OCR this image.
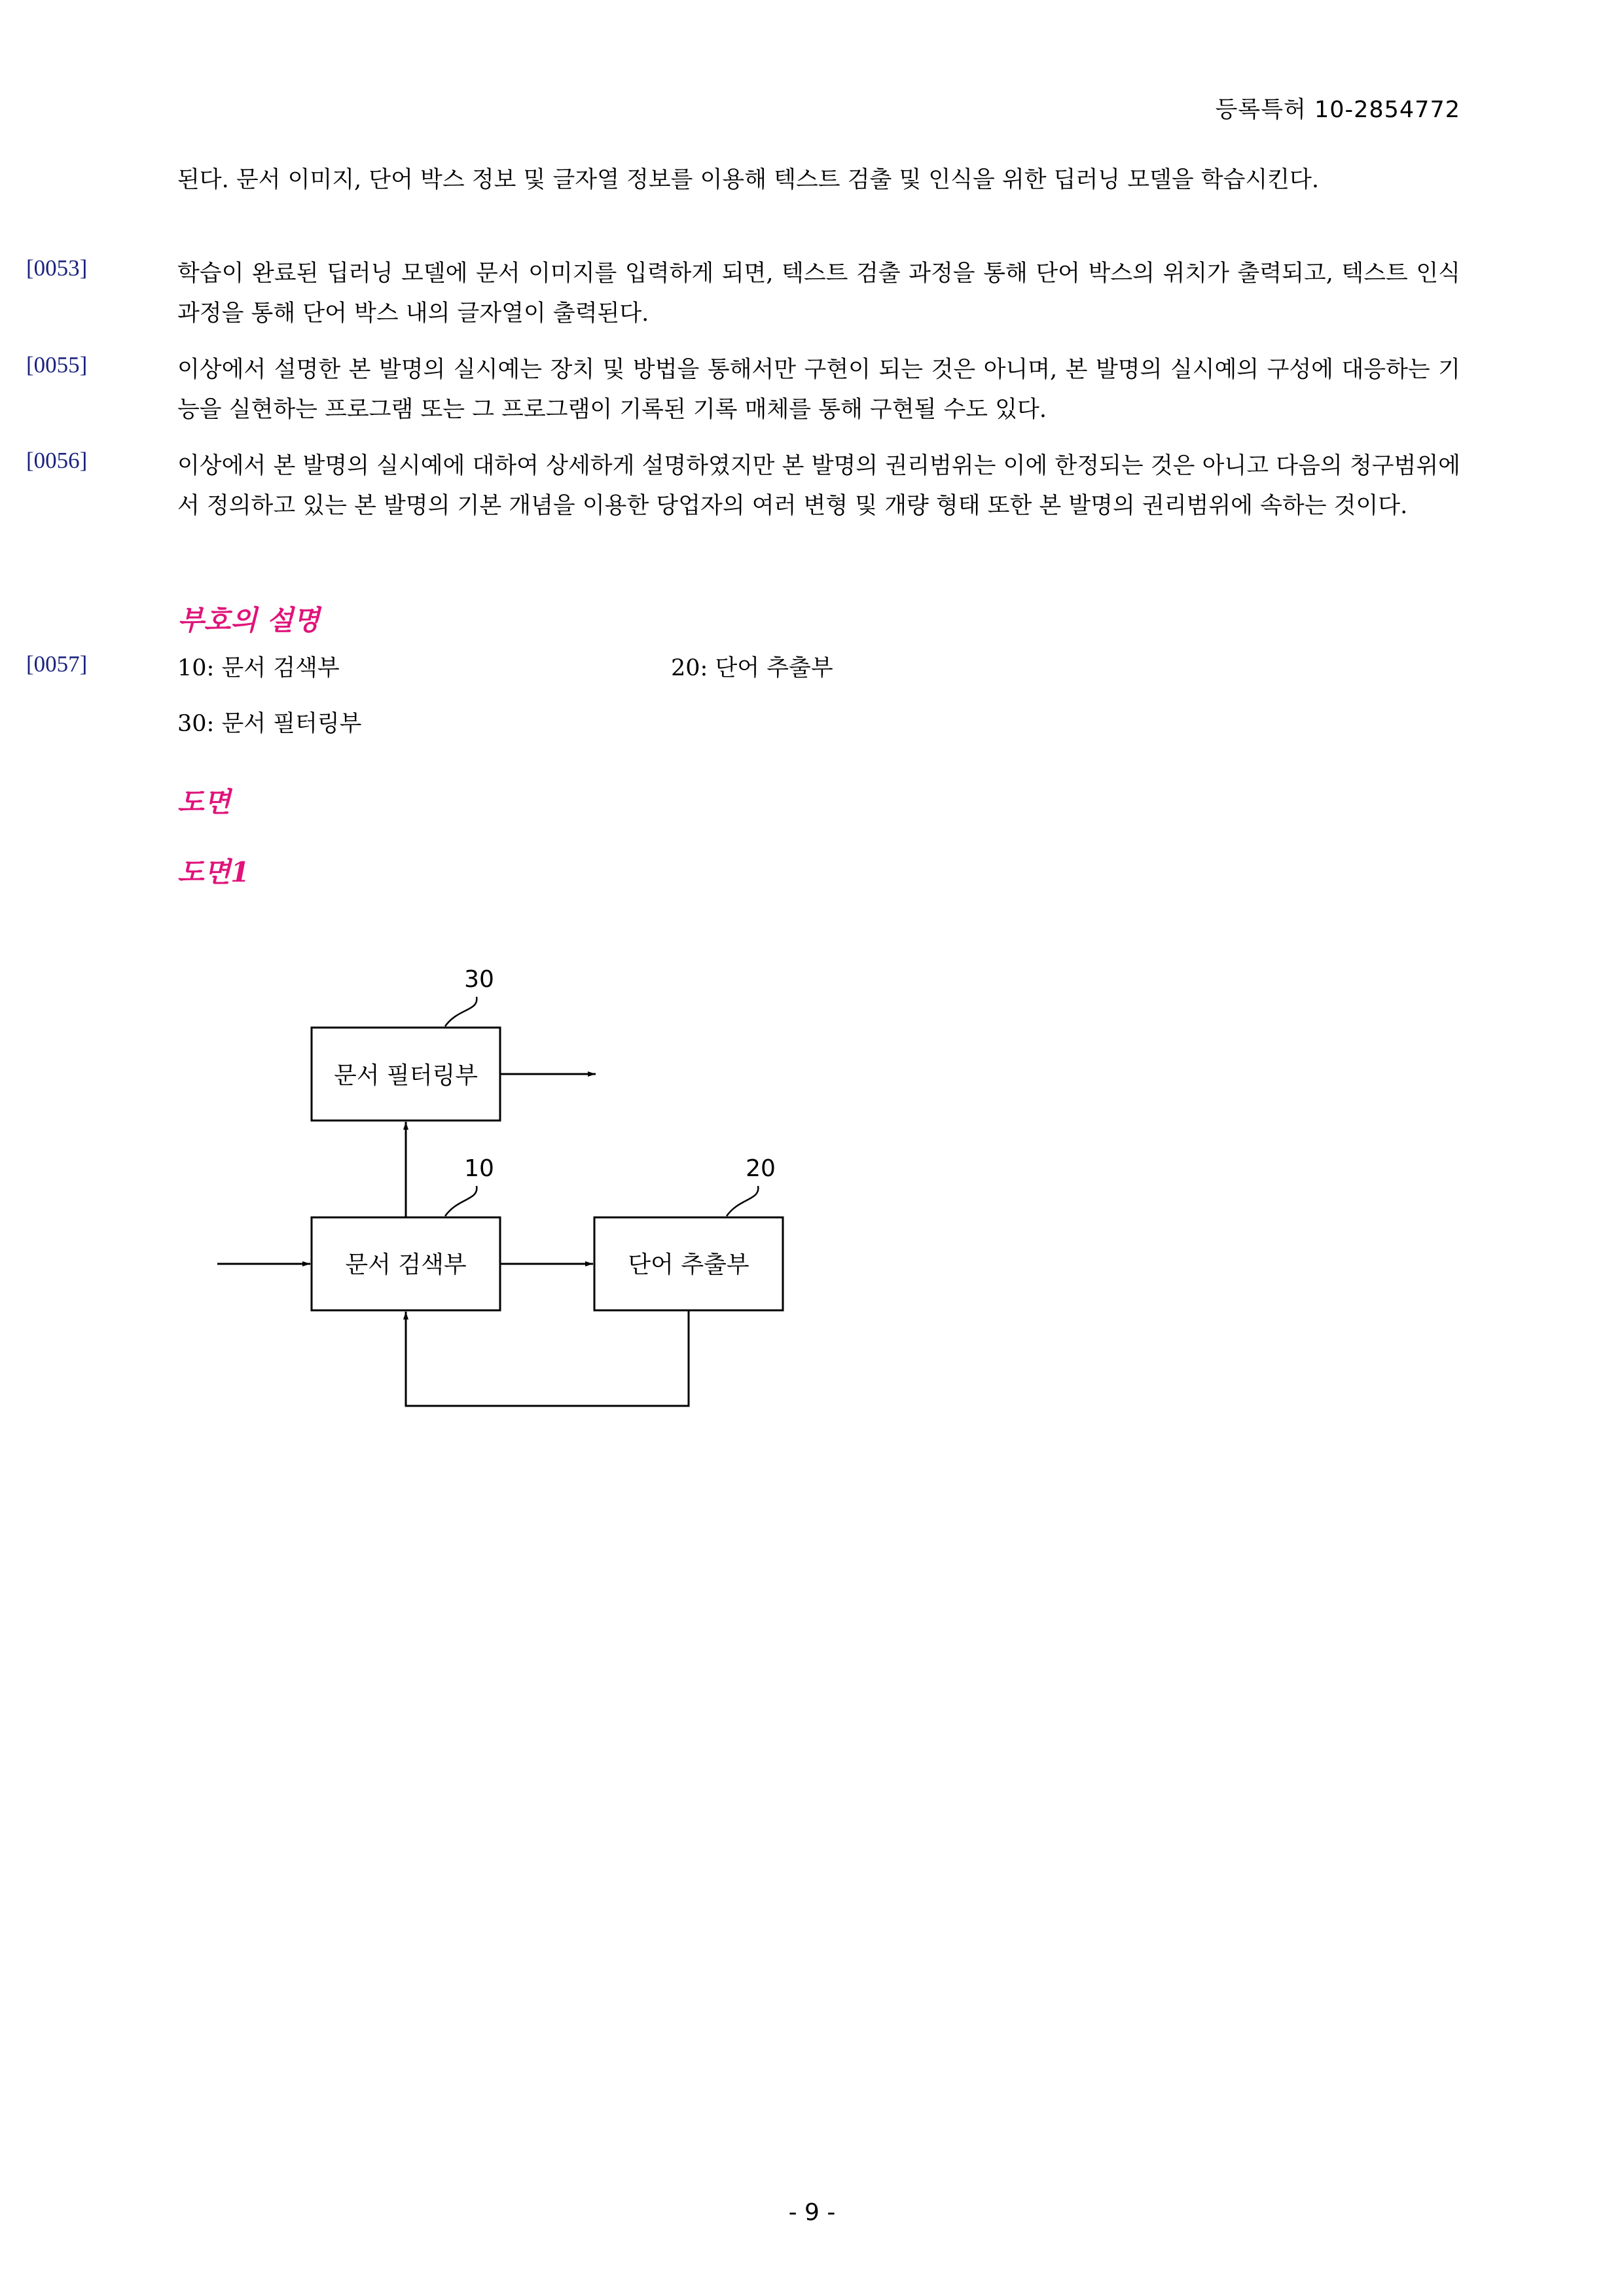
등록특허 10-2854772

된다. 문서 이미지, 단어 박스 정보 및 글자열 정보를 이용해 텍스트 검출 및 인식을 위한 딥러닝 모델을 학습시킨다.

[0053]	학습이 완료된 딥러닝 모델에 문서 이미지를 입력하게 되면, 텍스트 검출 과정을 통해 단어 박스의 위치가 출력되고, 텍스트 인식 과정을 통해 단어 박스 내의 글자열이 출력된다.

[0055]	이상에서 설명한 본 발명의 실시예는 장치 및 방법을 통해서만 구현이 되는 것은 아니며, 본 발명의 실시예의 구성에 대응하는 기능을 실현하는 프로그램 또는 그 프로그램이 기록된 기록 매체를 통해 구현될 수도 있다.

[0056]	이상에서 본 발명의 실시예에 대하여 상세하게 설명하였지만 본 발명의 권리범위는 이에 한정되는 것은 아니고 다음의 청구범위에서 정의하고 있는 본 발명의 기본 개념을 이용한 당업자의 여러 변형 및 개량 형태 또한 본 발명의 권리범위에 속하는 것이다.

부호의 설명
[0057]	10: 문서 검색부	20: 단어 추출부
30: 문서 필터링부
도면
도면1
문서 필터링부
30
문서 검색부
10
단어 추출부
20
- 9 -
